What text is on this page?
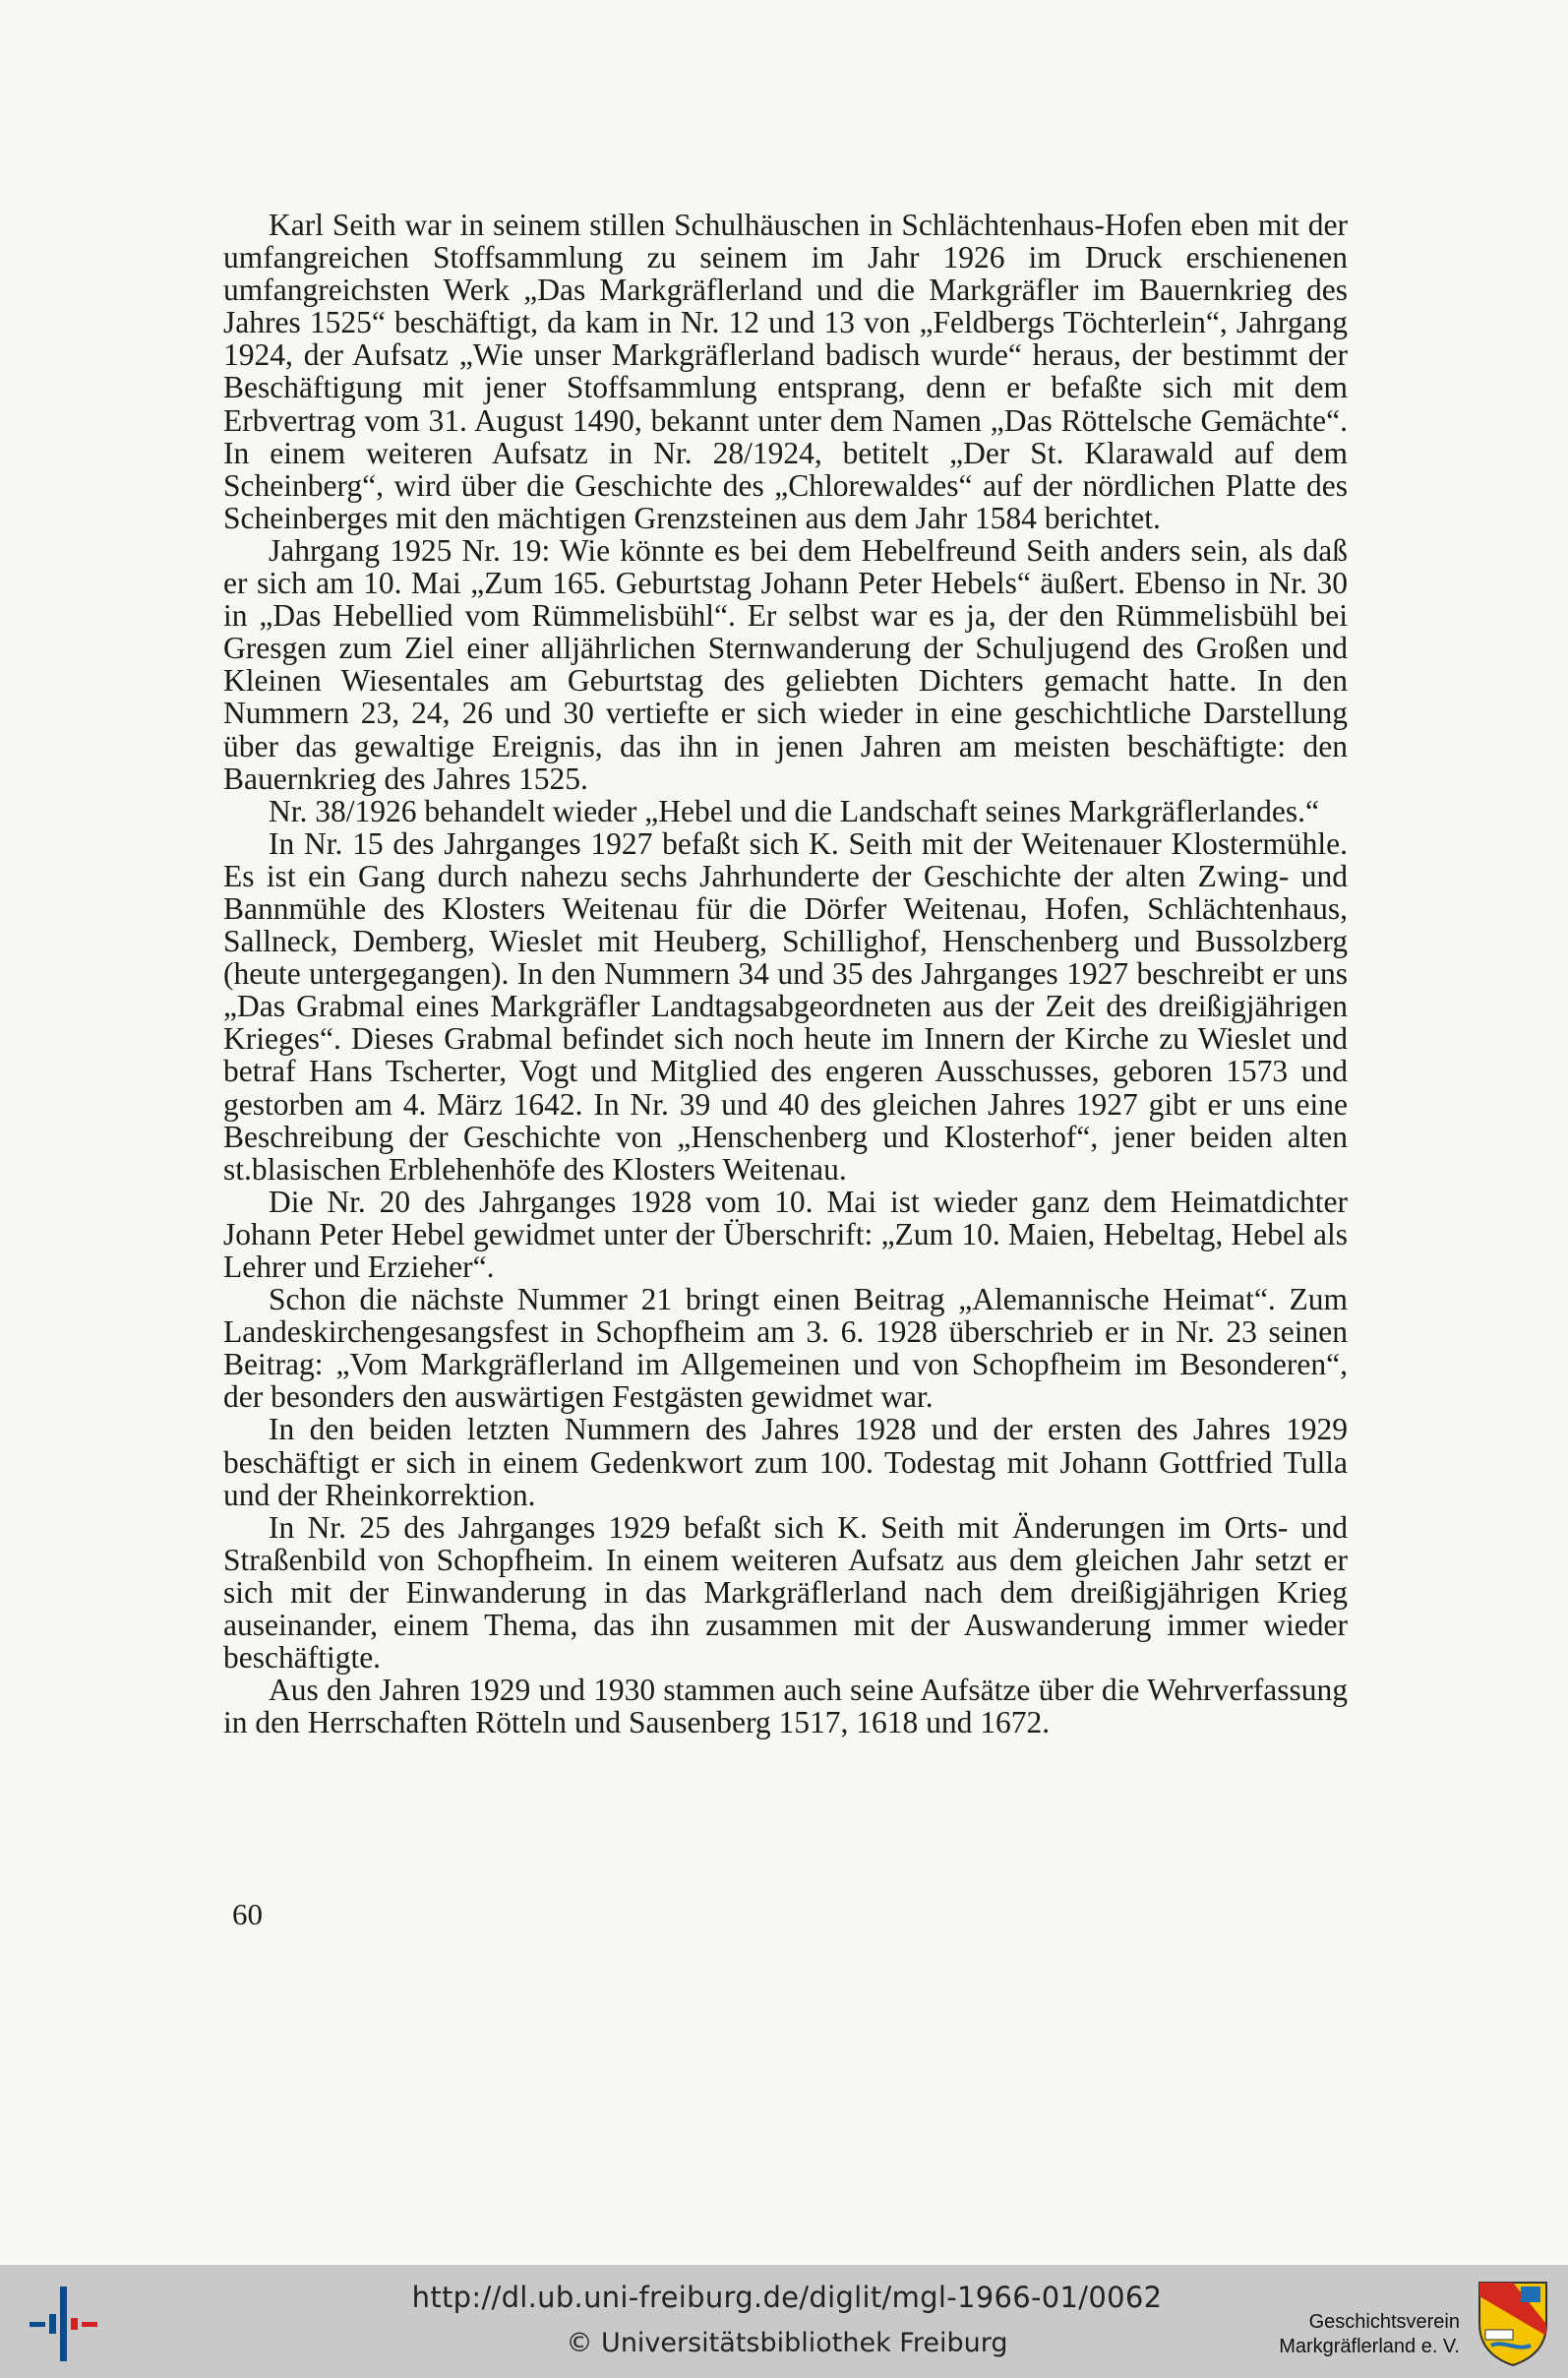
Karl Seith war in seinem stillen Schulhäuschen in Schlächtenhaus-Hofen eben mit der umfangreichen Stoffsammlung zu seinem im Jahr 1926 im Druck erschienenen umfangreichsten Werk „Das Markgräflerland und die Markgräfler im Bauernkrieg des Jahres 1525“ beschäftigt, da kam in Nr. 12 und 13 von „Feldbergs Töchterlein“, Jahrgang 1924, der Aufsatz „Wie unser Markgräflerland badisch wurde“ heraus, der bestimmt der Beschäftigung mit jener Stoffsammlung entsprang, denn er befaßte sich mit dem Erbvertrag vom 31. August 1490, bekannt unter dem Namen „Das Röttelsche Gemächte“. In einem weiteren Aufsatz in Nr. 28/1924, betitelt „Der St. Klarawald auf dem Scheinberg“, wird über die Geschichte des „Chlorewaldes“ auf der nördlichen Platte des Scheinberges mit den mächtigen Grenzsteinen aus dem Jahr 1584 berichtet.

Jahrgang 1925 Nr. 19: Wie könnte es bei dem Hebelfreund Seith anders sein, als daß er sich am 10. Mai „Zum 165. Geburtstag Johann Peter Hebels“ äußert. Ebenso in Nr. 30 in „Das Hebellied vom Rümmelisbühl“. Er selbst war es ja, der den Rümmelisbühl bei Gresgen zum Ziel einer alljährlichen Sternwanderung der Schuljugend des Großen und Kleinen Wiesentales am Geburtstag des geliebten Dichters gemacht hatte. In den Nummern 23, 24, 26 und 30 vertiefte er sich wieder in eine geschichtliche Darstellung über das gewaltige Ereignis, das ihn in jenen Jahren am meisten beschäftigte: den Bauernkrieg des Jahres 1525.

Nr. 38/1926 behandelt wieder „Hebel und die Landschaft seines Markgräflerlandes.“

In Nr. 15 des Jahrganges 1927 befaßt sich K. Seith mit der Weitenauer Klostermühle. Es ist ein Gang durch nahezu sechs Jahrhunderte der Geschichte der alten Zwing- und Bannmühle des Klosters Weitenau für die Dörfer Weitenau, Hofen, Schlächtenhaus, Sallneck, Demberg, Wieslet mit Heuberg, Schillighof, Henschenberg und Bussolzberg (heute untergegangen). In den Nummern 34 und 35 des Jahrganges 1927 beschreibt er uns „Das Grabmal eines Markgräfler Landtagsabgeordneten aus der Zeit des dreißigjährigen Krieges“. Dieses Grabmal befindet sich noch heute im Innern der Kirche zu Wieslet und betraf Hans Tscherter, Vogt und Mitglied des engeren Ausschusses, geboren 1573 und gestorben am 4. März 1642. In Nr. 39 und 40 des gleichen Jahres 1927 gibt er uns eine Beschreibung der Geschichte von „Henschenberg und Klosterhof“, jener beiden alten st.blasischen Erblehenhöfe des Klosters Weitenau.

Die Nr. 20 des Jahrganges 1928 vom 10. Mai ist wieder ganz dem Heimatdichter Johann Peter Hebel gewidmet unter der Überschrift: „Zum 10. Maien, Hebeltag, Hebel als Lehrer und Erzieher“.

Schon die nächste Nummer 21 bringt einen Beitrag „Alemannische Heimat“. Zum Landeskirchengesangsfest in Schopfheim am 3. 6. 1928 überschrieb er in Nr. 23 seinen Beitrag: „Vom Markgräflerland im Allgemeinen und von Schopfheim im Besonderen“, der besonders den auswärtigen Festgästen gewidmet war.

In den beiden letzten Nummern des Jahres 1928 und der ersten des Jahres 1929 beschäftigt er sich in einem Gedenkwort zum 100. Todestag mit Johann Gottfried Tulla und der Rheinkorrektion.

In Nr. 25 des Jahrganges 1929 befaßt sich K. Seith mit Änderungen im Orts- und Straßenbild von Schopfheim. In einem weiteren Aufsatz aus dem gleichen Jahr setzt er sich mit der Einwanderung in das Markgräflerland nach dem dreißigjährigen Krieg auseinander, einem Thema, das ihn zusammen mit der Auswanderung immer wieder beschäftigte.

Aus den Jahren 1929 und 1930 stammen auch seine Aufsätze über die Wehrverfassung in den Herrschaften Rötteln und Sausenberg 1517, 1618 und 1672.

60
http://dl.ub.uni-freiburg.de/diglit/mgl-1966-01/0062
© Universitätsbibliothek Freiburg
Geschichtsverein
Markgräflerland e. V.
